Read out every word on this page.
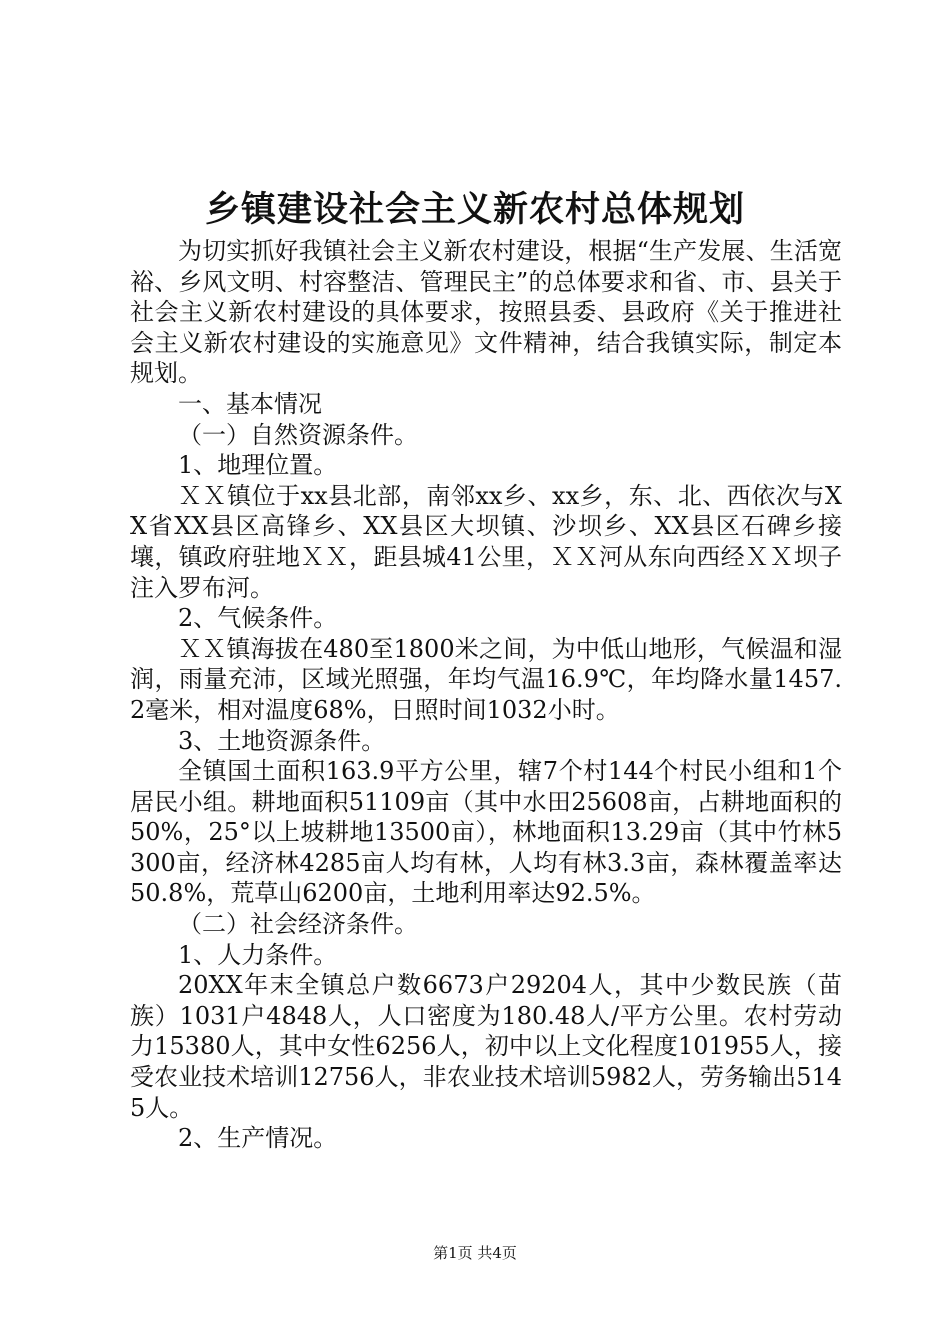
乡镇建设社会主义新农村总体规划

为切实抓好我镇社会主义新农村建设，根据“生产发展、生活宽裕、乡风文明、村容整洁、管理民主”的总体要求和省、市、县关于社会主义新农村建设的具体要求，按照县委、县政府《关于推进社会主义新农村建设的实施意见》文件精神，结合我镇实际，制定本规划。

一、基本情况

（一）自然资源条件。

1、地理位置。

ＸＸ镇位于xx县北部，南邻xx乡、xx乡，东、北、西依次与XX省XX县区高锋乡、XX县区大坝镇、沙坝乡、XX县区石碑乡接壤，镇政府驻地ＸＸ，距县城41公里，ＸＸ河从东向西经ＸＸ坝子注入罗布河。

2、气候条件。

ＸＸ镇海拔在480至1800米之间，为中低山地形，气候温和湿润，雨量充沛，区域光照强，年均气温16.9℃，年均降水量1457.2毫米，相对温度68%，日照时间1032小时。

3、土地资源条件。

全镇国土面积163.9平方公里，辖7个村144个村民小组和1个居民小组。耕地面积51109亩（其中水田25608亩，占耕地面积的50%，25°以上坡耕地13500亩），林地面积13.29亩（其中竹林5300亩，经济林4285亩人均有林，人均有林3.3亩，森林覆盖率达50.8%，荒草山6200亩，土地利用率达92.5%。

（二）社会经济条件。

1、人力条件。

20XX年末全镇总户数6673户29204人，其中少数民族（苗族）1031户4848人，人口密度为180.48人/平方公里。农村劳动力15380人，其中女性6256人，初中以上文化程度101955人，接受农业技术培训12756人，非农业技术培训5982人，劳务输出5145人。

2、生产情况。

第1页 共4页
